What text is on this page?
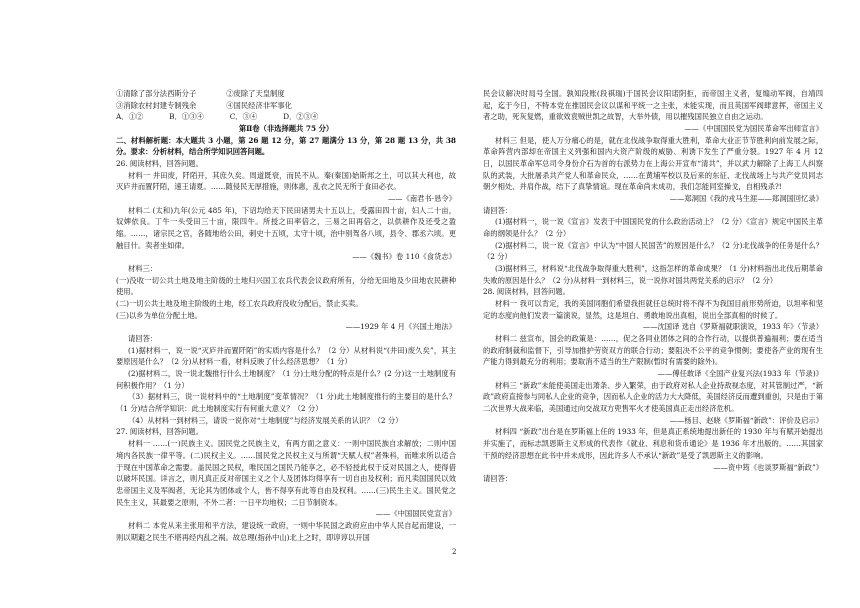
①清除了部分法西斯分子	②废除了天皇制度
③消除农村封建专制残余	④国民经济非军事化
A．①②	B．①③④	C．③④	D．②③④

第Ⅱ卷（非选择题共 75 分）

二、材料解析题：本大题共 3 小题，第 26 题 12 分，第 27 题满分 13 分，第 28 题 13 分，共 38 分。要求：分析材料，结合所学知识回答问题。

26. 阅读材料，回答问题。

材料一 井田废，阡陌开，其庶久矣。周道既衰，而民不从。秦(秦国)始斯邦之土，可以其大利也，故灭庐井而置阡陌，速王请夏。……随侵民无厚措施，则体惠，乱衣之民无所于食田必衣。

——《南君书·恳令》

材料二 (太和)九年(公元 485 年)，下诏均给天下民田诸男夫十五以上，受露田四十亩，妇人二十亩，奴婢依良。丁牛一头受田三十亩，限四牛。所授之田率倍之，三易之田再倍之，以供耕作及还受之盈缩。……，诸宗民之官，各随地给公田，刺史十五顷，太守十顷，治中别驾各八顷，县令、郡丞六顷。更触目什。卖者坐如律。

——《魏书》卷 110《食货志》

材料三：

(一)没收一切公共土地及地主阶级的土地归兴国工农兵代表会议政府所有，分给无田地及少田地农民耕种使用。

(二)一切公共土地及地主阶级的土地，经工农兵政府没收分配后，禁止买卖。

(三)以乡为单位分配土地。

——1929 年 4 月《兴国土地法》

请回答：

(1)据材料一，说一说“灭庐井而置阡陌”的实质内容是什么？（2 分）从材料说“(井田)废久矣”，其主要原因是什么？（2 分)从材料一看，材料反映了什么经济思想？（1 分）

(2)据材料二，说一说北魏推行什么土地制度？（1 分)土地分配的特点是什么？(2 分)这一土地制度有何积极作用？（1 分）

（3）据材料三，说一说材料中的“土地制度”变革情况？（1 分)此土地制度推行的主要目的是什么？（1 分)结合所学知识：此土地制度实行有何重大意义？（2 分）

（4）从材料一到材料三，请说一说你对“土地制度”与经济发展关系的认识？（2 分）

27. 阅读材料，回答问题。

材料一 ……(一)民族主义。国民党之民族主义，有两方面之意义：一则中国民族自求解放；二则中国境内各民族一律平等。(二)民权主义。……国民党之民权主义与所谓“天赋人权”者殊科，而唯求所以适合于现在中国革命之需要。盖民国之民权，唯民国之国民乃能享之，必不轻授此权于反对民国之人，使得借以破坏民国。详言之，则凡真正反对帝国主义之个人及团体均得享有一切自由及权利；而凡卖国国民以效忠帝国主义及军阀者，无论其为团体或个人，皆不得享有此等自由及权利。……(三)民生主义。国民党之民生主义，其最要之原则，不外二者：一日平均地权；二日节制资本。

——《中国国民党宣言》

材料二 本党从来主张用和平方法，建设统一政府，一则中华民国之政府应由中华人民自起而建设，一则以期避之民生不堪再经内乱之祸。故总理(指孙中山)北上之时，即谆谆以开国

民会议解决时局号全国。孰知段账(段祺瑞)于国民会议阳诺阴拒，而帝国主义者，复煽动军阀，自靖四起，迄于今日，不特本党在推国民会议以谋和平统一之主张，未能实现，而且英国军阀肆意挥，帝国主义者之助，死灰复燃，重欲效袁贼世凯之故智，大举外债，用以摧残国民独立自由之运动。

——《中国国民党为国民革命军出师宣言》

材料三 但是，使人万分痛心的是，就在北伐战争取得重大胜利，革命大业正节节胜利向前发展之际，革命阵营内部却在帝国主义列强和国内大资产阶级的威胁、利诱下发生了严重分裂。1927 年 4 月 12 日，以国民革命军总司令身份介石为首的右派势力在上海公开宣布“清共”，并以武力解除了上海工人纠察队的武装，大批屠杀共产党人和革命民众，……在黄埔军校以及后来的东征、北伐战场上与共产党员同志朝夕相处、并肩作战，结下了真挚情谊。现在革命尚未成功，我们怎能同室操戈，自相残杀?!

——郑洞国《我的戎马生涯——郑洞国回忆录》

请回答：

(1)据材料一，说一说《宣言》发表于中国国民党的什么政治活动上？（2 分）《宣言》规定中国民主革命的纲领是什么？（2 分）

(2)据材料二，说一说《宣言》中认为“中国人民国苦”的原因是什么？（2 分)北伐战争的任务是什么？（2 分）

(3)据材料三，材料说“北伐战争取得重大胜利”，这指怎样的革命成果？（1 分)材料指出北伐后期革命失败的原因是什么？（2 分)从材料一到材料三，说一说你对国共两党关系的启示？（2 分）

28. 阅读材料，回答问题。

材料一 我可以肯定，我的美国同胞们希望我担就任总统时将不得不为我国目前形势所迫，以坦率和坚定的态度向他们发表一篇演说，显然，这是坦白、勇敢地说出真相，说出全部真相的时候了。

——沈国译 选自《罗斯福就职演说，1933 年》（节录）

材料二 兹宣布，国会的政策是：……，促之各同业团体之间的合作行动，以提供普遍福利；要在适当的政府制裁和监督下，引导加推护劳资双方的联合行动；要阻决不公平的竞争惯例；要使各产业的现有生产能力得到最充分的利用；要取消不适当的生产限制(暂时有需要的除外)。

——傅任敢译《全国产业复兴法(1933 年（节录)》

材料三 “新政”未能使美国走出萧条、步入繁荣，由于政府对私人企业持敌视态度，对其管制过严，“新政”政府直接参与同私人企业的竞争，因而私人企业的活力大大降低，美国经济反而遭到重创，只是由于第二次世界大战来临，美国通过向交战双方兜售军火才使美国真正走出经济危机。

——杨目、赵晓《罗斯福“新政”：评价及启示》

材料四 “新政”出台是在罗斯福上任的 1933 年，但是真正系统地提出新任的 1930 年与有赋开始提出并实施了，而标志凯恩斯主义形成的代表作《就业、利息和货币通论》是 1936 年才出版的。……其国家干预的经济思想在此书中并未成形，因此许多人不承认“新政”是受了凯恩斯主义的影响。

——资中筠《也谈罗斯福“新政”》

请回答：

2
